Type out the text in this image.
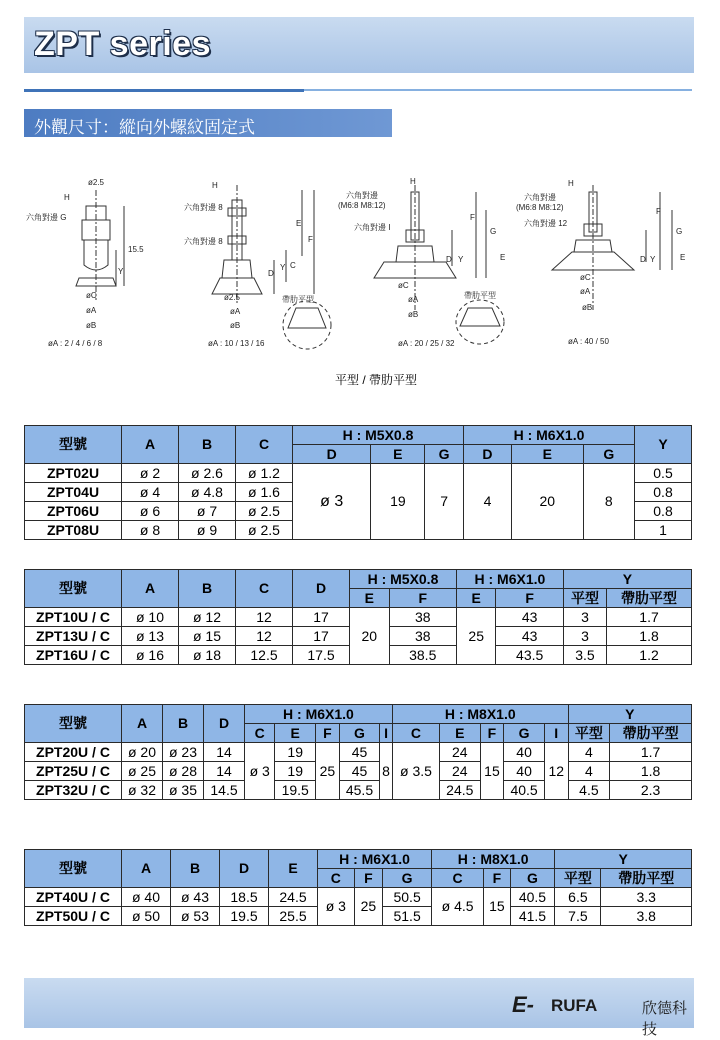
ZPT series
外觀尺寸：縱向外螺紋固定式
ø2.5
H
六角對邊 G
15.5
Y
øC
øA
øB
øA : 2 / 4 / 6 / 8
H
六角對邊 8
六角對邊 8
ø2.5
øA
øB
D
Y C
E
F
帶肋平型
øA : 10 / 13 / 16
H
六角對邊
(M6:8 M8:12)
六角對邊 I
øC
øA
øB
D Y
F
G
E
帶肋平型
øA : 20 / 25 / 32
H
六角對邊
(M6:8 M8:12)
六角對邊 12
øC
øA
øB
D Y
F
G
E
øA : 40 / 50
平型 / 帶肋平型
型號	A	B	C	H : M5X0.8			H : M6X1.0			Y
				D	E	G	D	E	G	
ZPT02U	ø 2	ø 2.6	ø 1.2	ø 3	19	7	4	20	8	0.5
ZPT04U	ø 4	ø 4.8	ø 1.6							0.8
ZPT06U	ø 6	ø 7	ø 2.5							0.8
ZPT08U	ø 8	ø 9	ø 2.5							1
型號	A	B	C	D	H : M5X0.8		H : M6X1.0		Y	
					E	F	E	F	平型	帶肋平型
ZPT10U / C	ø 10	ø 12	12	17	20	38	25	43	3	1.7
ZPT13U / C	ø 13	ø 15	12	17		38		43	3	1.8
ZPT16U / C	ø 16	ø 18	12.5	17.5		38.5		43.5	3.5	1.2
型號	A	B	D	H : M6X1.0					H : M8X1.0					Y	
				C	E	F	G	I	C	E	F	G	I	平型	帶肋平型
ZPT20U / C	ø 20	ø 23	14	ø 3	19	25	45	8	ø 3.5	24	15	40	12	4	1.7
ZPT25U / C	ø 25	ø 28	14		19		45			24		40		4	1.8
ZPT32U / C	ø 32	ø 35	14.5		19.5		45.5			24.5		40.5		4.5	2.3
型號	A	B	D	E	H : M6X1.0			H : M8X1.0			Y	
					C	F	G	C	F	G	平型	帶肋平型
ZPT40U / C	ø 40	ø 43	18.5	24.5	ø 3	25	50.5	ø 4.5	15	40.5	6.5	3.3
ZPT50U / C	ø 50	ø 53	19.5	25.5			51.5			41.5	7.5	3.8
E- RUFA	欣德科技
